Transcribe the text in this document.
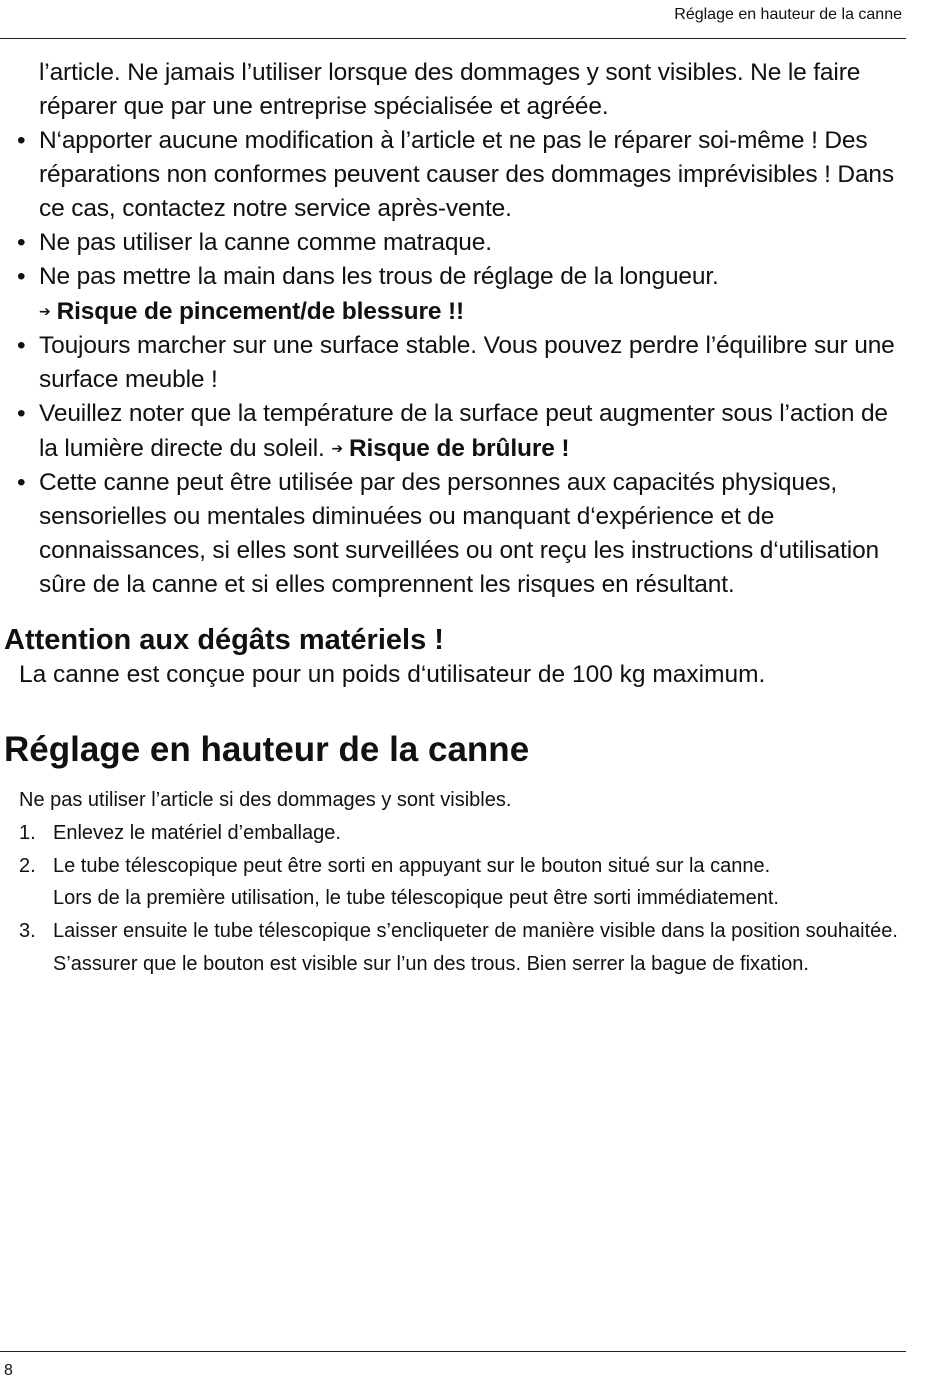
Réglage en hauteur de la canne
l’article. Ne jamais l’utiliser lorsque des dommages y sont visibles. Ne le faire réparer que par une entreprise spécialisée et agréée.
• N‘apporter aucune modification à l’article et ne pas le réparer soi-même ! Des réparations non conformes peuvent causer des dommages imprévisibles ! Dans ce cas, contactez notre service après-vente.
• Ne pas utiliser la canne comme matraque.
• Ne pas mettre la main dans les trous de réglage de la longueur.
➔ Risque de pincement/de blessure !!
• Toujours marcher sur une surface stable. Vous pouvez perdre l’équilibre sur une surface meuble !
• Veuillez noter que la température de la surface peut augmenter sous l’action de la lumière directe du soleil. ➔ Risque de brûlure !
• Cette canne peut être utilisée par des personnes aux capacités physiques, sensorielles ou mentales diminuées ou manquant d‘expérience et de connaissances, si elles sont surveillées ou ont reçu les instructions d‘utilisation sûre de la canne et si elles comprennent les risques en résultant.
Attention aux dégâts matériels !

La canne est conçue pour un poids d‘utilisateur de 100 kg maximum.

Réglage en hauteur de la canne

Ne pas utiliser l’article si des dommages y sont visibles.

1. Enlevez le matériel d’emballage.
2. Le tube télescopique peut être sorti en appuyant sur le bouton situé sur la canne.
Lors de la première utilisation, le tube télescopique peut être sorti immédiatement.
3. Laisser ensuite le tube télescopique s’encliqueter de manière visible dans la position souhaitée.
S’assurer que le bouton est visible sur l’un des trous. Bien serrer la bague de fixation.
8
